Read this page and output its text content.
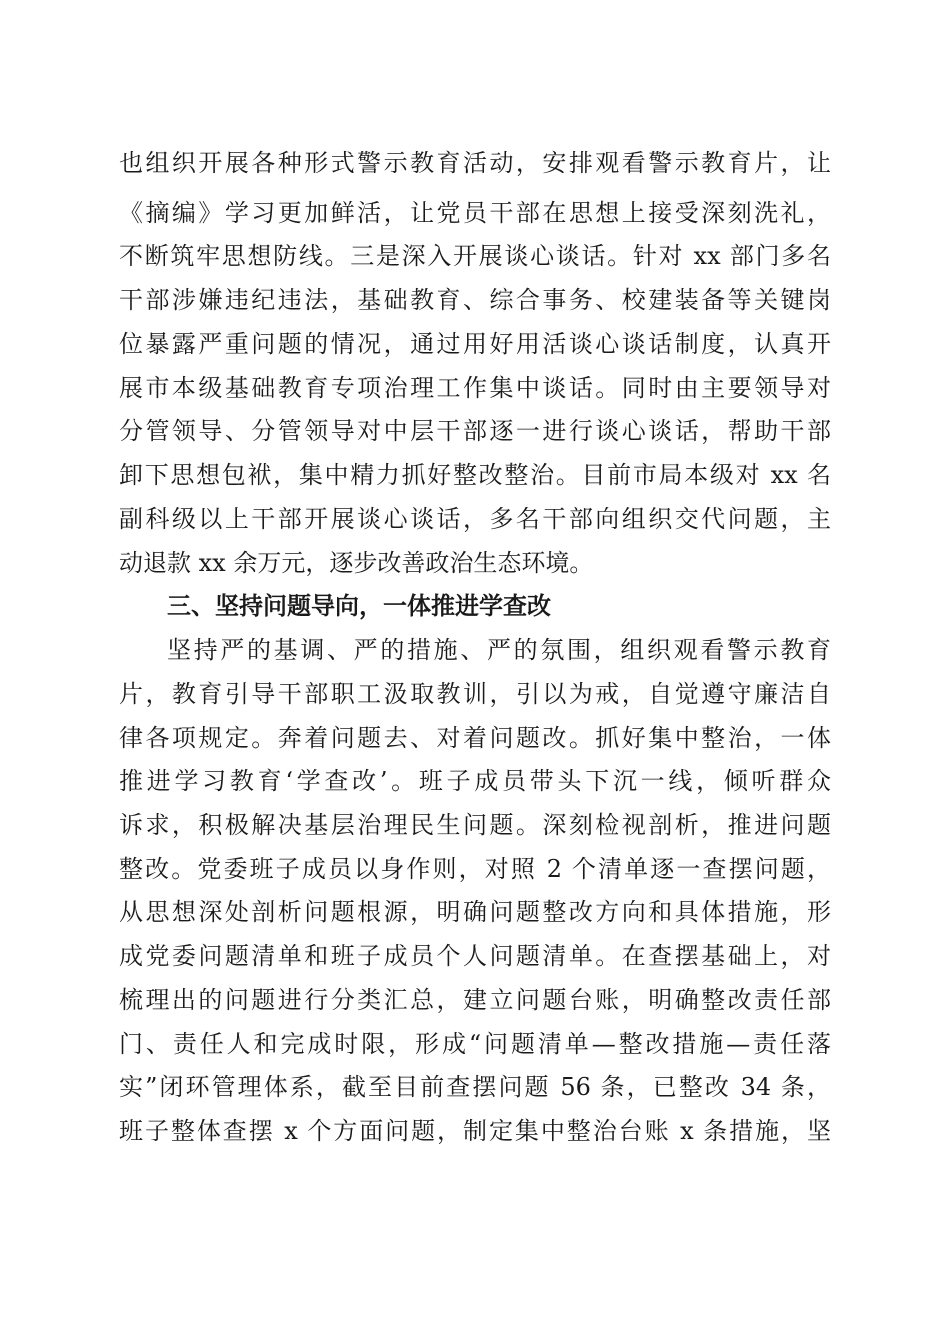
也组织开展各种形式警示教育活动，安排观看警示教育片，让
《摘编》学习更加鲜活，让党员干部在思想上接受深刻洗礼，
不断筑牢思想防线。三是深入开展谈心谈话。针对 xx 部门多名
干部涉嫌违纪违法，基础教育、综合事务、校建装备等关键岗
位暴露严重问题的情况，通过用好用活谈心谈话制度，认真开
展市本级基础教育专项治理工作集中谈话。同时由主要领导对
分管领导、分管领导对中层干部逐一进行谈心谈话，帮助干部
卸下思想包袱，集中精力抓好整改整治。目前市局本级对 xx 名
副科级以上干部开展谈心谈话，多名干部向组织交代问题，主
动退款 xx 余万元，逐步改善政治生态环境。
三、坚持问题导向，一体推进学查改
坚持严的基调、严的措施、严的氛围，组织观看警示教育
片，教育引导干部职工汲取教训，引以为戒，自觉遵守廉洁自
律各项规定。奔着问题去、对着问题改。抓好集中整治，一体
推进学习教育‘学查改’。班子成员带头下沉一线，倾听群众
诉求，积极解决基层治理民生问题。深刻检视剖析，推进问题
整改。党委班子成员以身作则，对照 2 个清单逐一查摆问题，
从思想深处剖析问题根源，明确问题整改方向和具体措施，形
成党委问题清单和班子成员个人问题清单。在查摆基础上，对
梳理出的问题进行分类汇总，建立问题台账，明确整改责任部
门、责任人和完成时限，形成“问题清单—整改措施—责任落
实”闭环管理体系，截至目前查摆问题 56 条，已整改 34 条，
班子整体查摆 x 个方面问题，制定集中整治台账 x 条措施，坚
